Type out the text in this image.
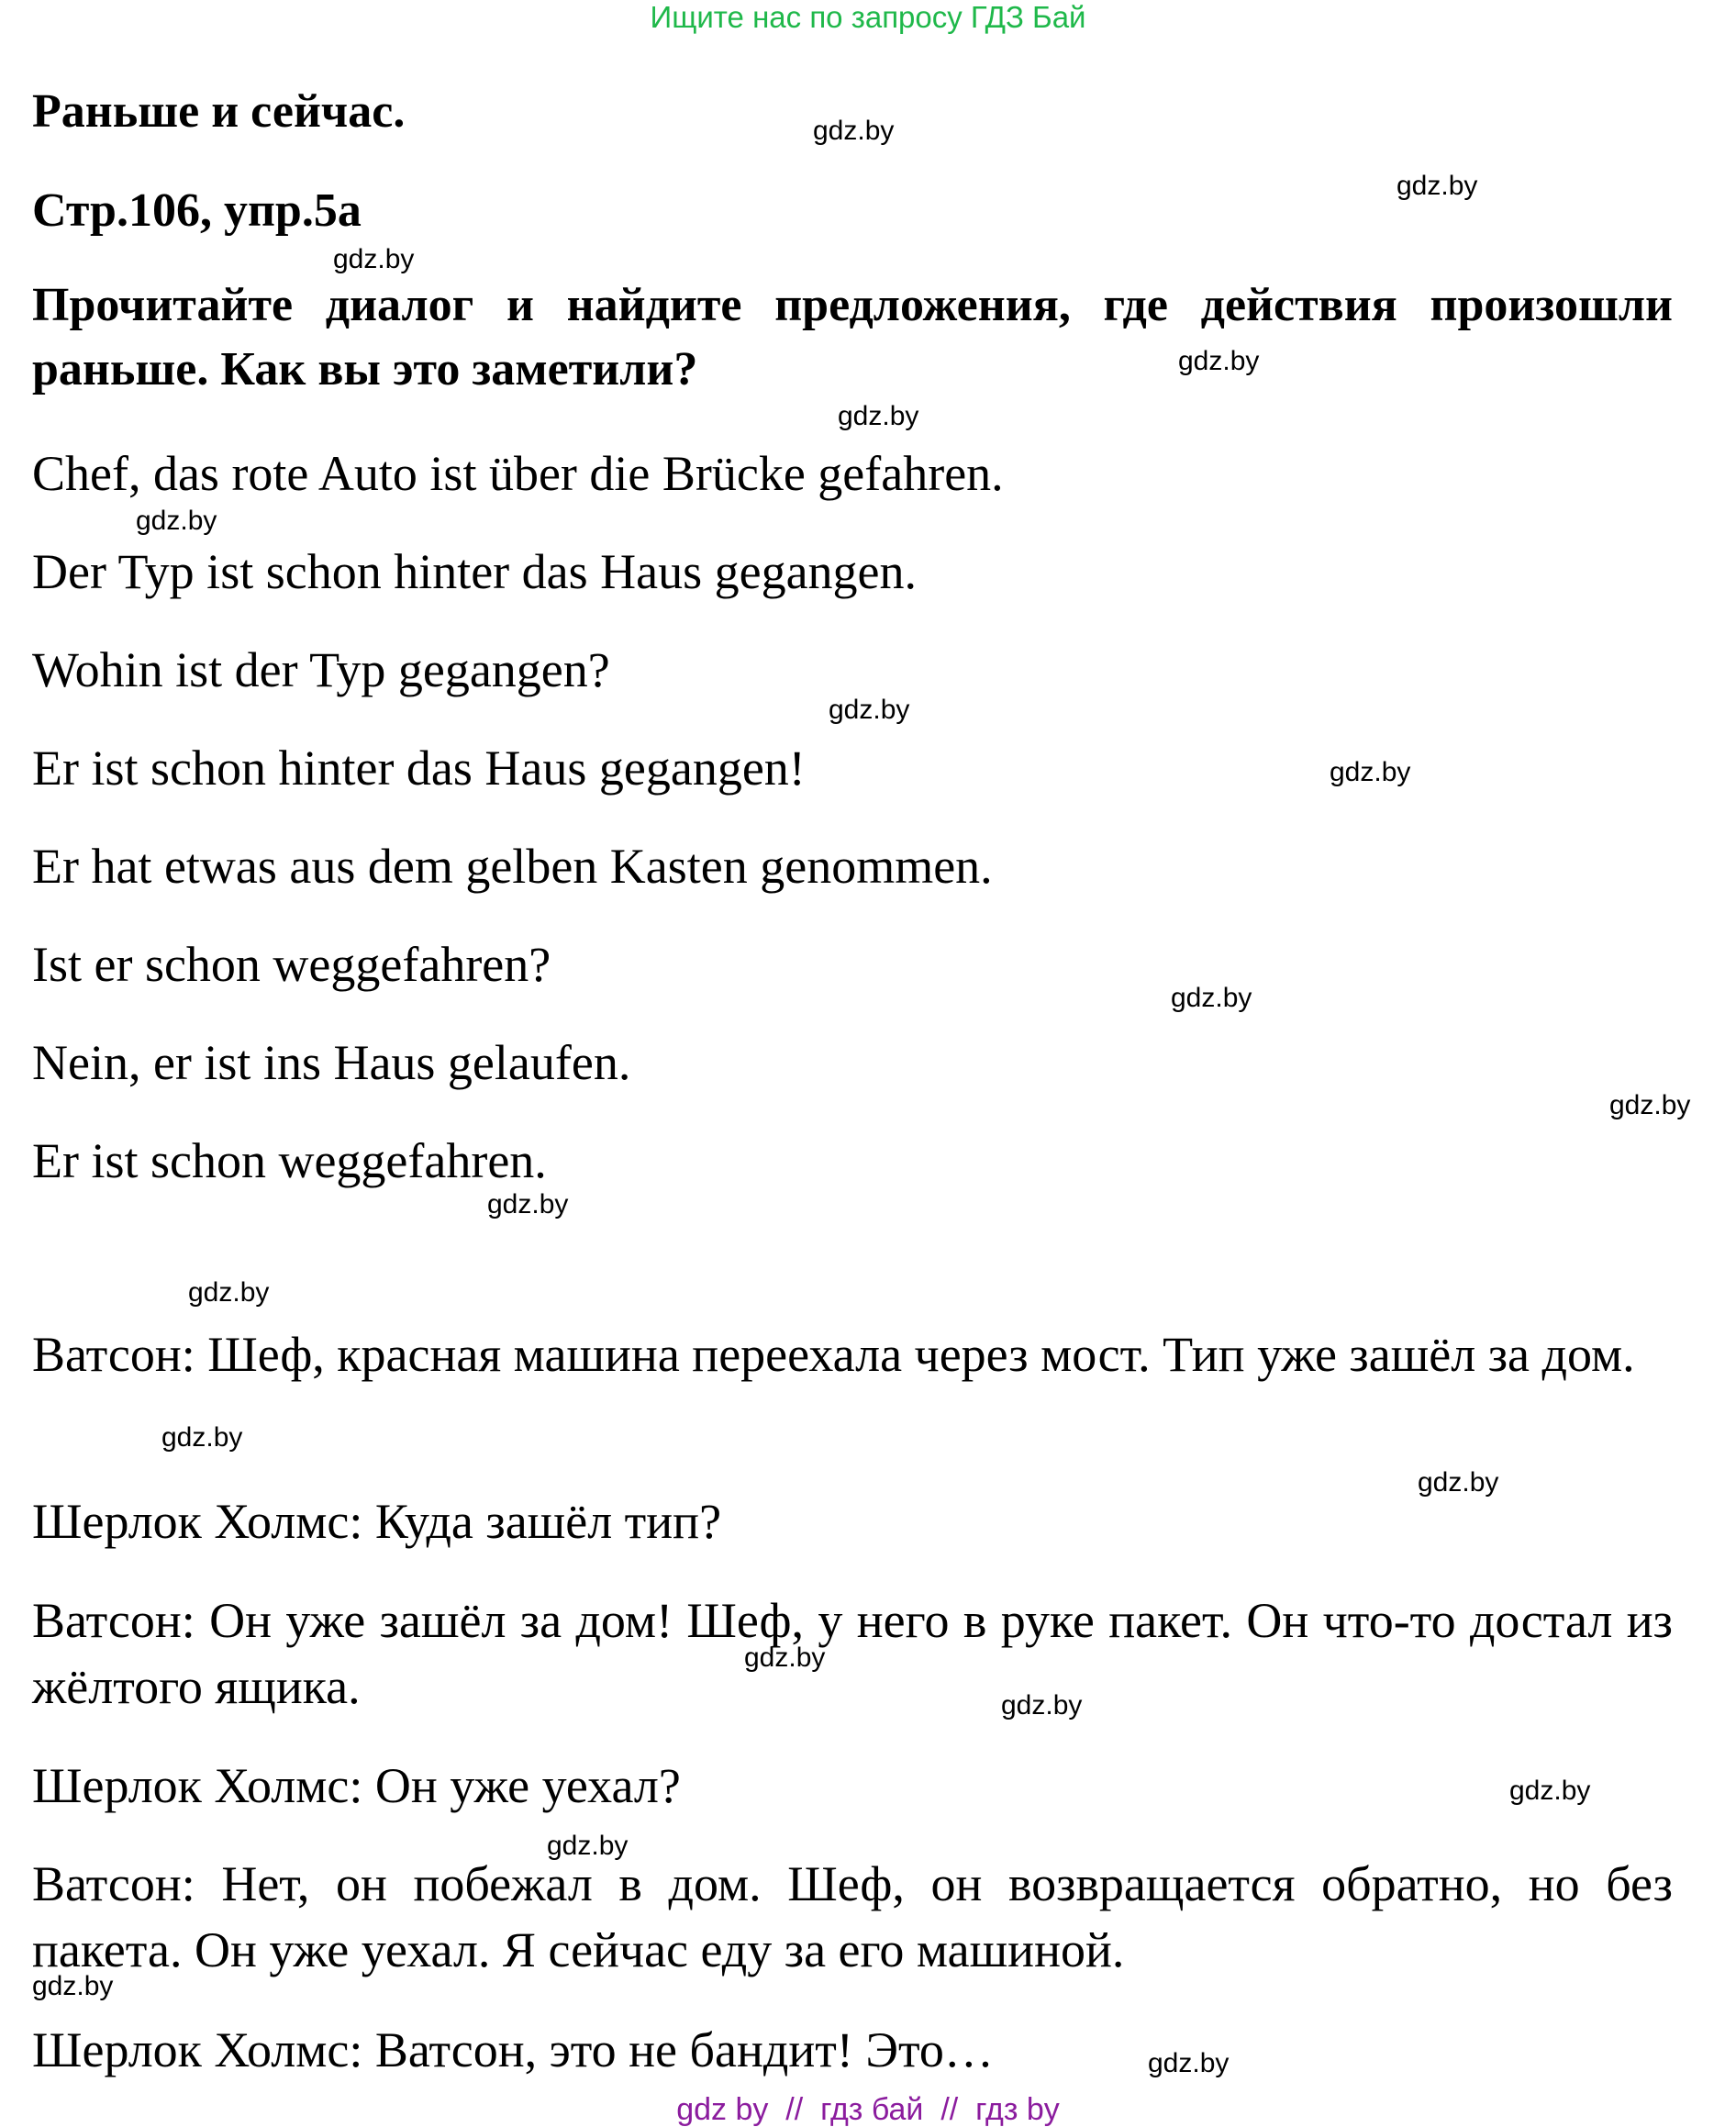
Ищите нас по запросу ГДЗ Бай
Раньше и сейчас.
Стр.106, упр.5а
Прочитайте диалог и найдите предложения, где действия произошли раньше. Как вы это заметили?
Chef, das rote Auto ist über die Brücke gefahren.
Der Typ ist schon hinter das Haus gegangen.
Wohin ist der Typ gegangen?
Er ist schon hinter das Haus gegangen!
Er hat etwas aus dem gelben Kasten genommen.
Ist er schon weggefahren?
Nein, er ist ins Haus gelaufen.
Er ist schon weggefahren.
Ватсон: Шеф, красная машина переехала через мост. Тип уже зашёл за дом.
Шерлок Холмс: Куда зашёл тип?
Ватсон: Он уже зашёл за дом! Шеф, у него в руке пакет. Он что-то достал из жёлтого ящика.
Шерлок Холмс: Он уже уехал?
Ватсон: Нет, он побежал в дом. Шеф, он возвращается обратно, но без пакета. Он уже уехал. Я сейчас еду за его машиной.
Шерлок Холмс: Ватсон, это не бандит! Это…
gdz.by
gdz.by
gdz.by
gdz.by
gdz.by
gdz.by
gdz.by
gdz.by
gdz.by
gdz.by
gdz.by
gdz.by
gdz.by
gdz.by
gdz.by
gdz.by
gdz.by
gdz.by
gdz.by
gdz.by
gdz by  //  гдз бай  //  гдз by
